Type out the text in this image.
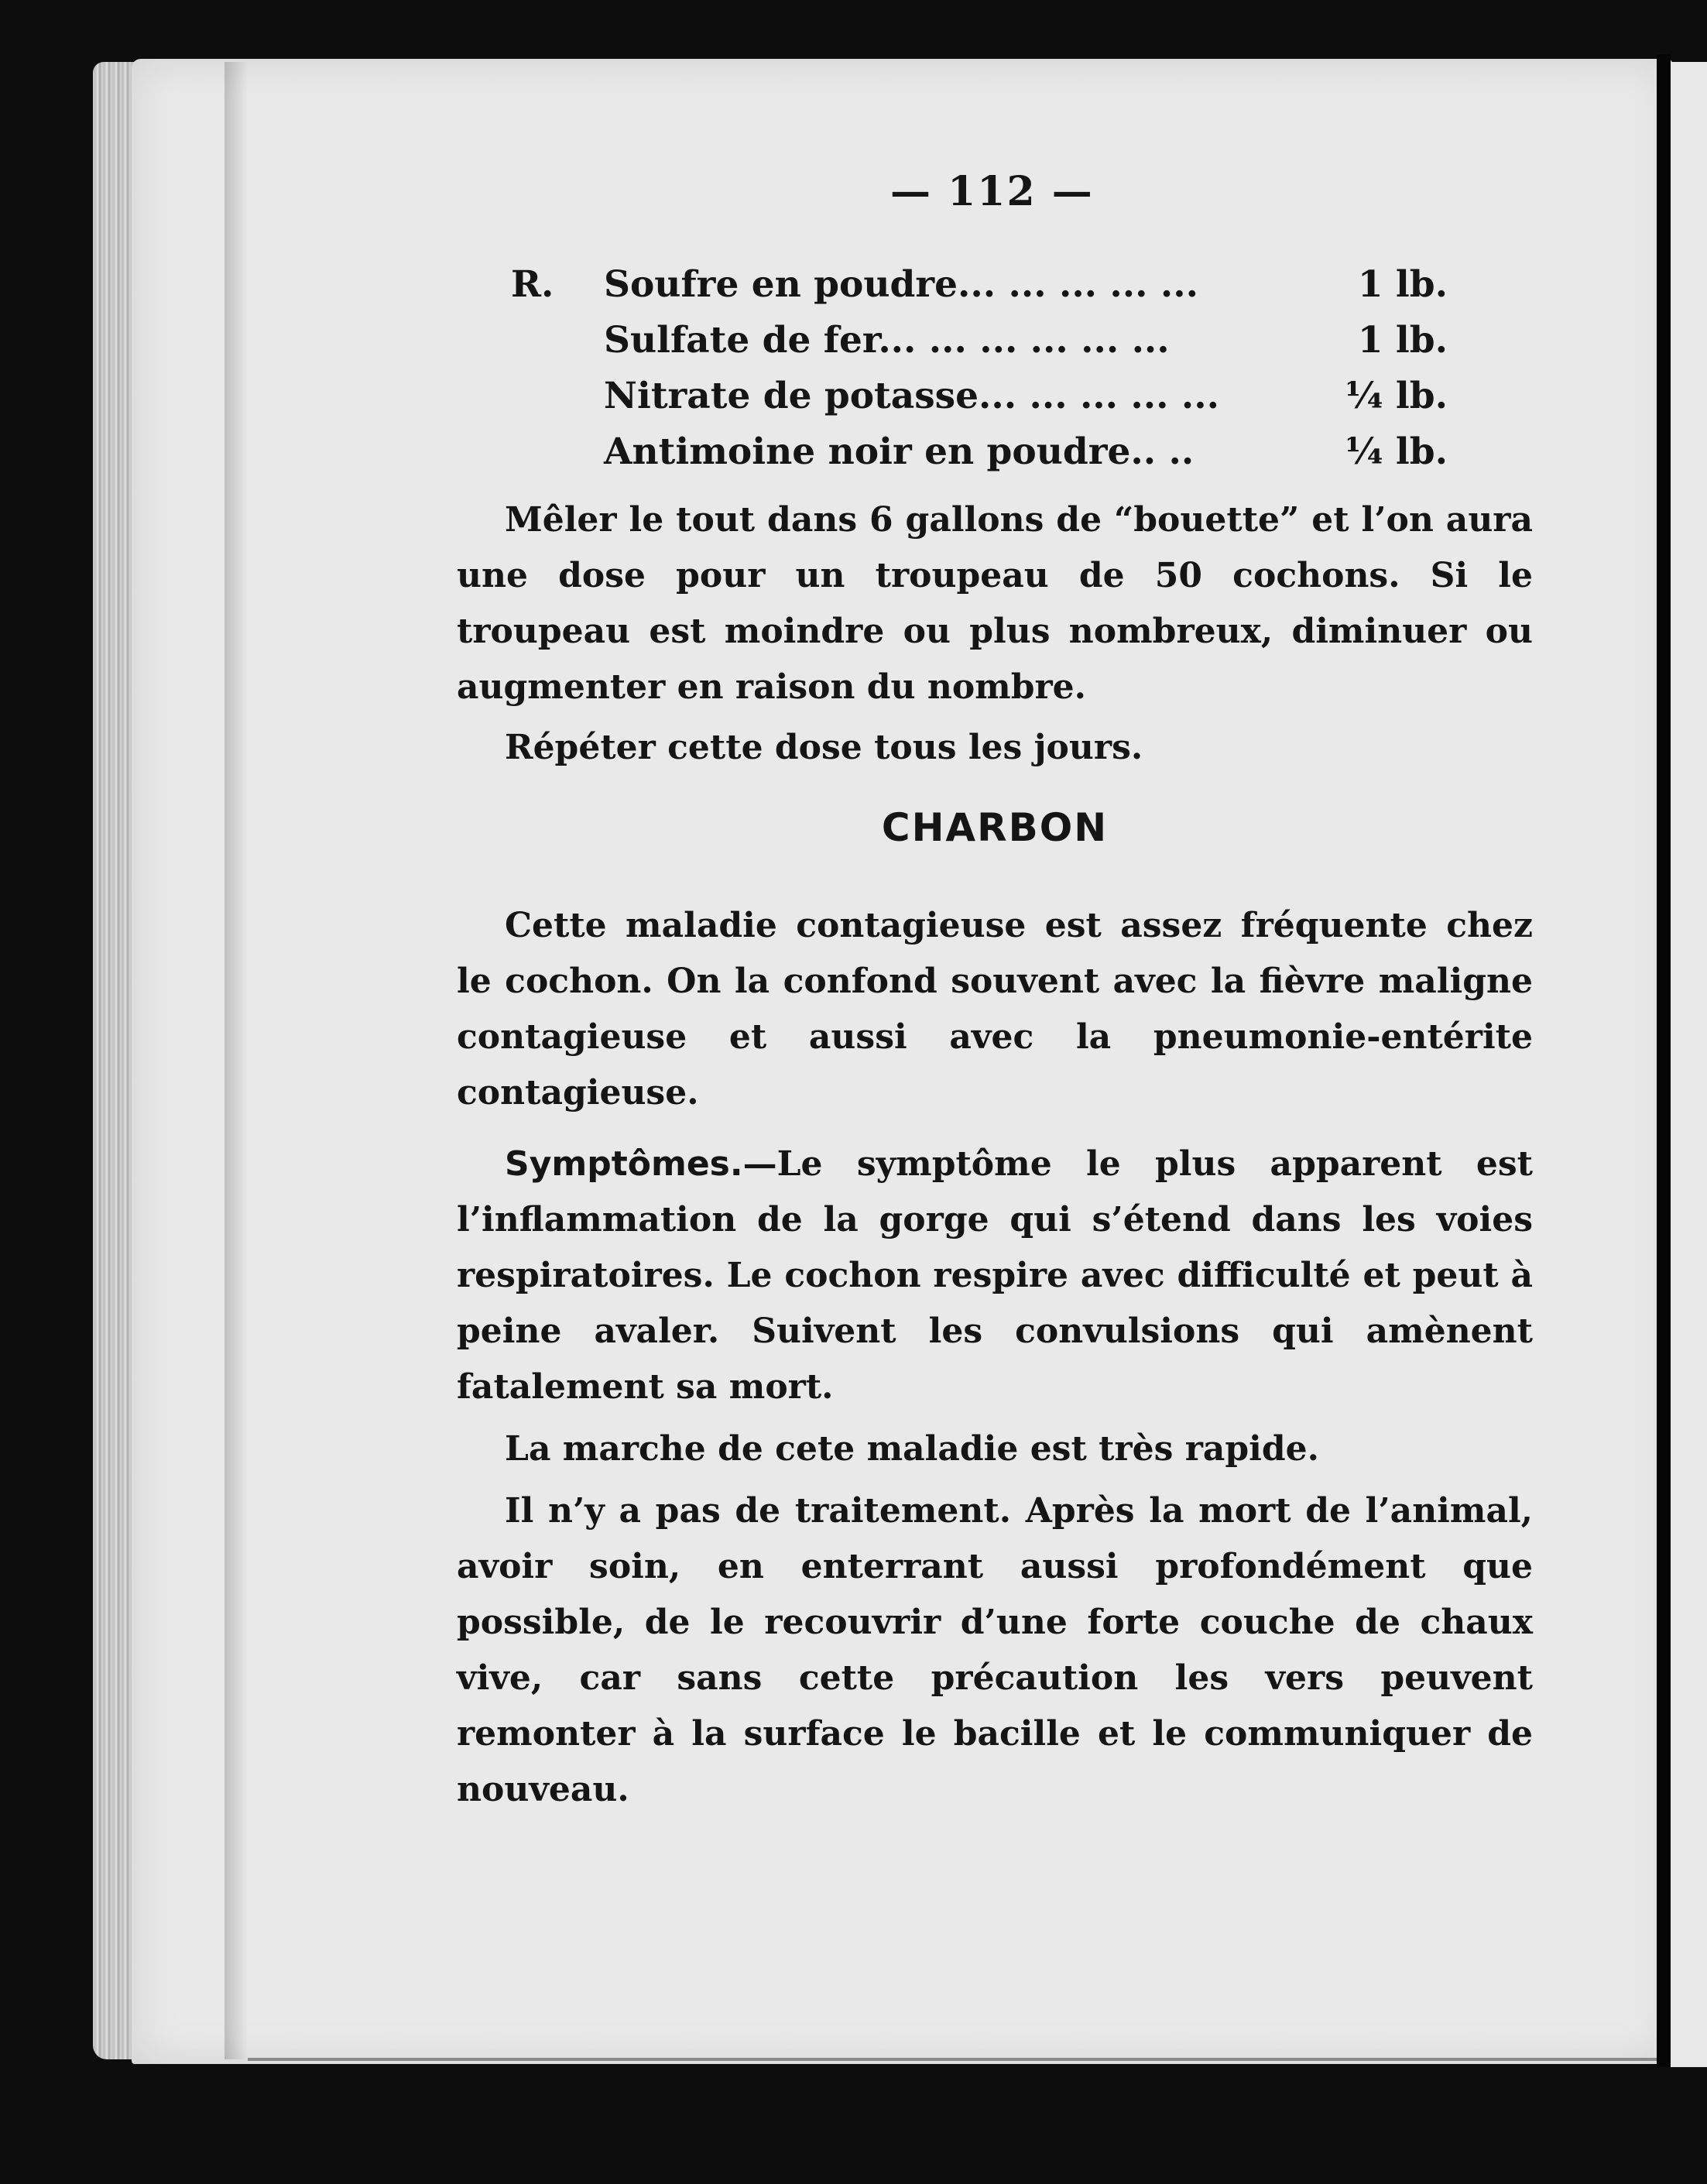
— 112 —
R. Soufre en poudre... ... ... ... ...	1 lb.
Sulfate de fer... ... ... ... ... ...	1 lb.
Nitrate de potasse... ... ... ... ...	¼ lb.
Antimoine noir en poudre.. ..	¼ lb.

Mêler le tout dans 6 gallons de “bouette” et l’on aura une dose pour un troupeau de 50 cochons. Si le troupeau est moindre ou plus nombreux, diminuer ou augmenter en raison du nombre.

Répéter cette dose tous les jours.

CHARBON

Cette maladie contagieuse est assez fréquente chez le cochon. On la confond souvent avec la fièvre maligne contagieuse et aussi avec la pneumonie-entérite contagieuse.

Symptômes.—Le symptôme le plus apparent est l’inflammation de la gorge qui s’étend dans les voies respiratoires. Le cochon respire avec difficulté et peut à peine avaler. Suivent les convulsions qui amènent fatalement sa mort.

La marche de cete maladie est très rapide.

Il n’y a pas de traitement. Après la mort de l’animal, avoir soin, en enterrant aussi profondément que possible, de le recouvrir d’une forte couche de chaux vive, car sans cette précaution les vers peuvent remonter à la surface le bacille et le communiquer de nouveau.
